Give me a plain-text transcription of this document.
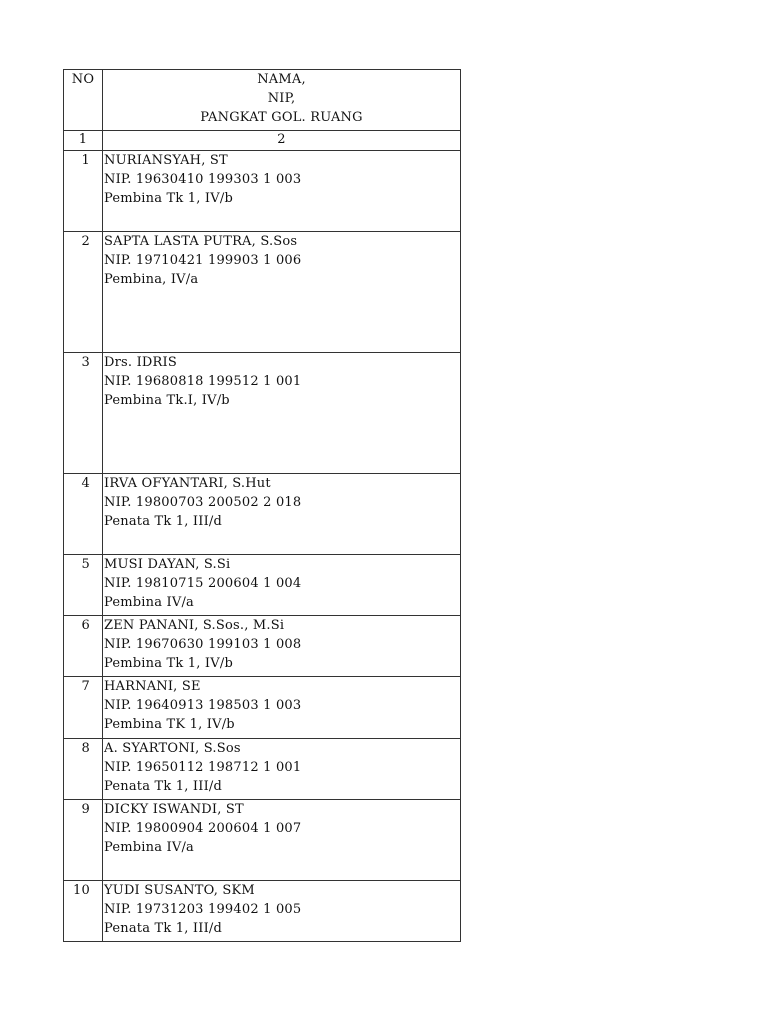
NO	NAMA,
NIP,
PANGKAT GOL. RUANG

1	2
1	NURIANSYAH, ST
NIP. 19630410 199303 1 003
Pembina Tk 1, IV/b

2	SAPTA LASTA PUTRA, S.Sos
NIP. 19710421 199903 1 006
Pembina, IV/a

3	Drs. IDRIS
NIP. 19680818 199512 1 001
Pembina Tk.I, IV/b

4	IRVA OFYANTARI, S.Hut
NIP. 19800703 200502 2 018
Penata Tk 1, III/d

5	MUSI DAYAN, S.Si
NIP. 19810715 200604 1 004
Pembina IV/a

6	ZEN PANANI, S.Sos., M.Si
NIP. 19670630 199103 1 008
Pembina Tk 1, IV/b

7	HARNANI, SE
NIP. 19640913 198503 1 003
Pembina TK 1, IV/b

8	A. SYARTONI, S.Sos
NIP. 19650112 198712 1 001
Penata Tk 1, III/d

9	DICKY ISWANDI, ST
NIP. 19800904 200604 1 007
Pembina IV/a

10	YUDI SUSANTO, SKM
NIP. 19731203 199402 1 005
Penata Tk 1, III/d
